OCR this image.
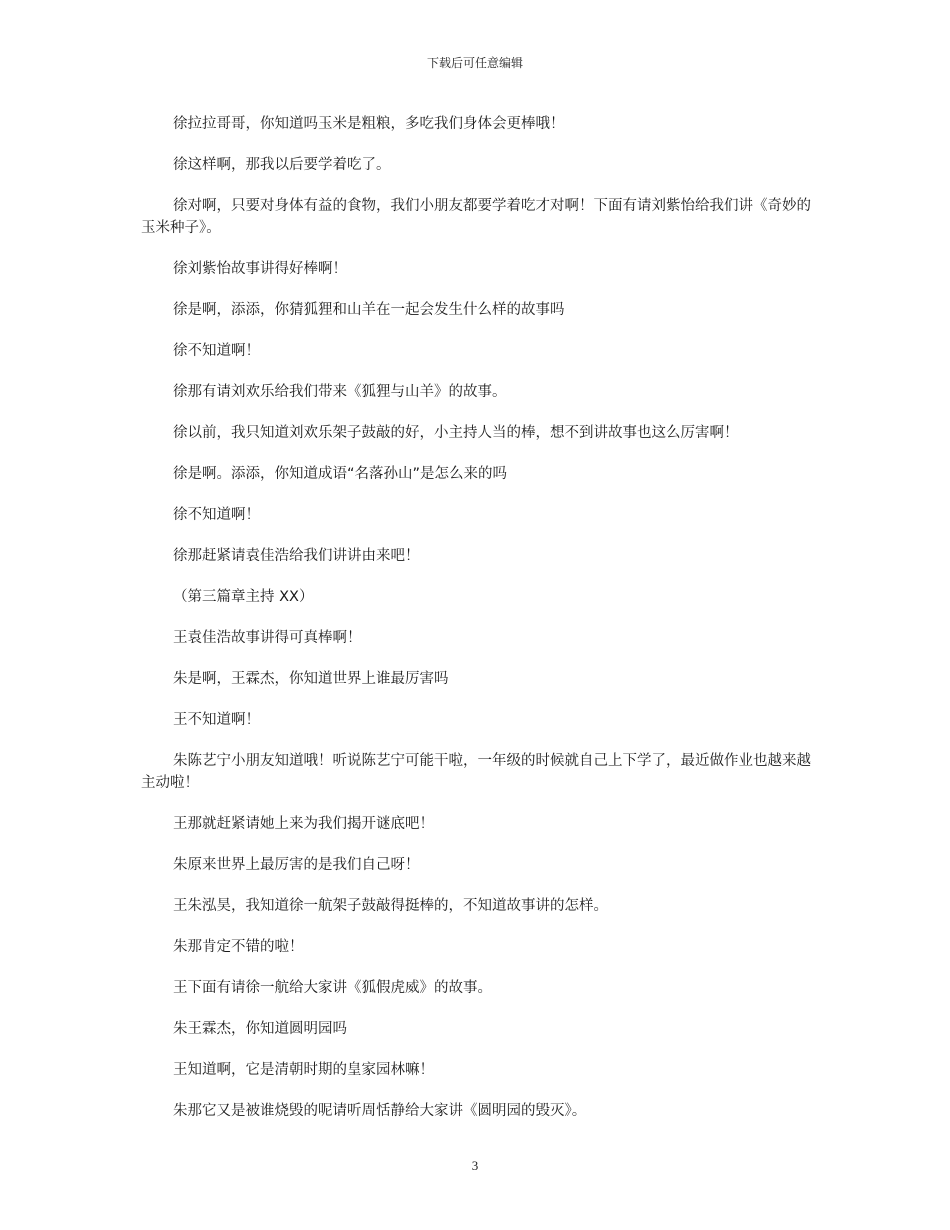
下载后可任意编辑

徐拉拉哥哥，你知道吗玉米是粗粮，多吃我们身体会更棒哦！

徐这样啊，那我以后要学着吃了。

徐对啊，只要对身体有益的食物，我们小朋友都要学着吃才对啊！下面有请刘紫怡给我们讲《奇妙的玉米种子》。

徐刘紫怡故事讲得好棒啊！

徐是啊，添添，你猜狐狸和山羊在一起会发生什么样的故事吗

徐不知道啊！

徐那有请刘欢乐给我们带来《狐狸与山羊》的故事。

徐以前，我只知道刘欢乐架子鼓敲的好，小主持人当的棒，想不到讲故事也这么厉害啊！

徐是啊。添添，你知道成语“名落孙山”是怎么来的吗

徐不知道啊！

徐那赶紧请袁佳浩给我们讲讲由来吧！

（第三篇章主持 XX）

王袁佳浩故事讲得可真棒啊！

朱是啊，王霖杰，你知道世界上谁最厉害吗

王不知道啊！

朱陈艺宁小朋友知道哦！听说陈艺宁可能干啦，一年级的时候就自己上下学了，最近做作业也越来越主动啦！

王那就赶紧请她上来为我们揭开谜底吧！

朱原来世界上最厉害的是我们自己呀！

王朱泓昊，我知道徐一航架子鼓敲得挺棒的，不知道故事讲的怎样。

朱那肯定不错的啦！

王下面有请徐一航给大家讲《狐假虎威》的故事。

朱王霖杰，你知道圆明园吗

王知道啊，它是清朝时期的皇家园林嘛！

朱那它又是被谁烧毁的呢请听周恬静给大家讲《圆明园的毁灭》。

3
